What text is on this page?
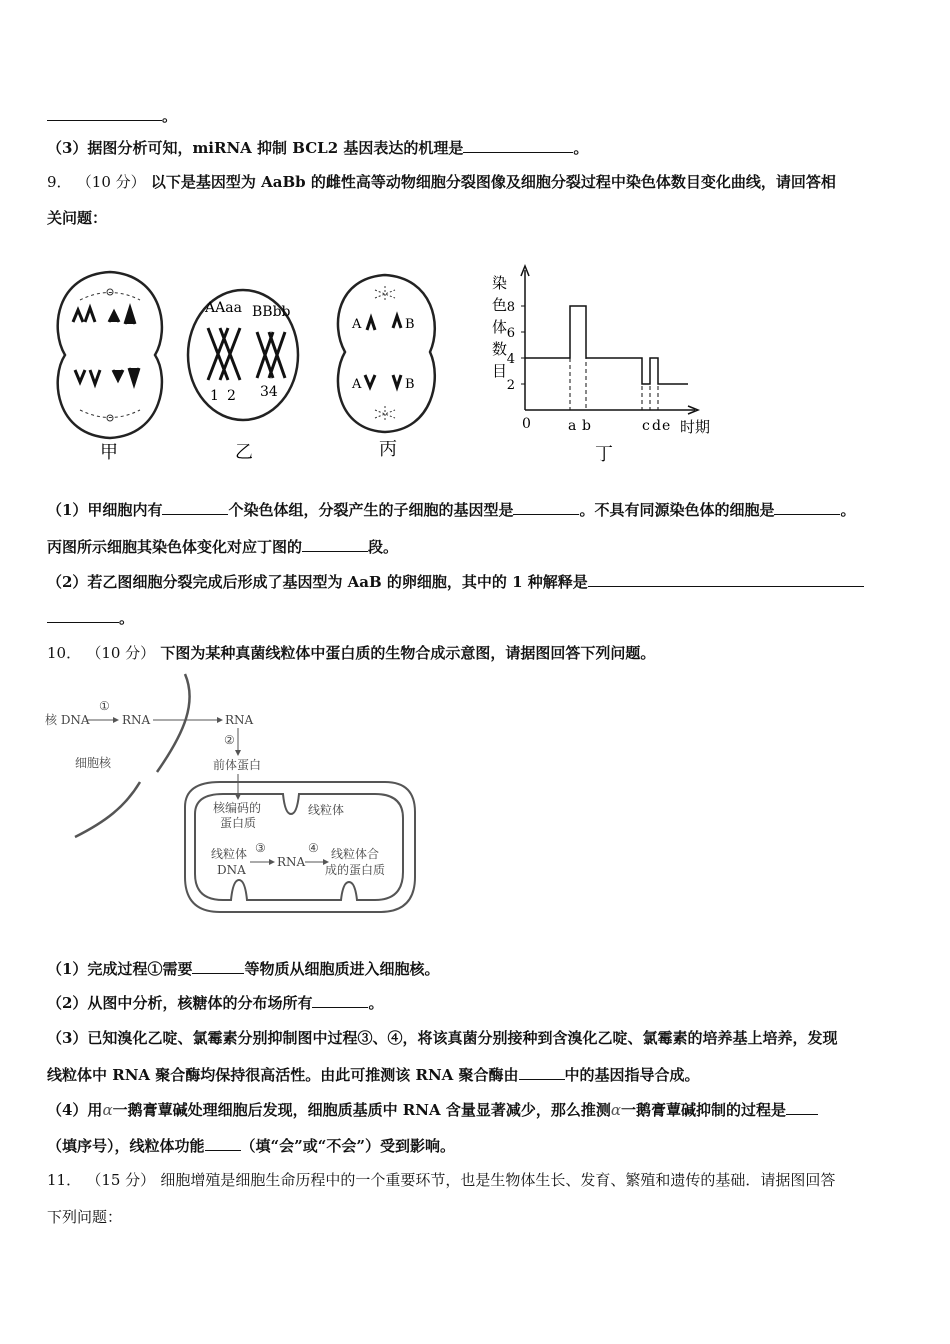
。
（3）据图分析可知，miRNA 抑制 BCL2 基因表达的机理是	。
9． （10 分） 以下是基因型为 AaBb 的雌性高等动物细胞分裂图像及细胞分裂过程中染色体数目变化曲线，请回答相
关问题：
甲
AAaa BBbb
1 2 34
乙
A	B
A	B
丙
染
色
体
数
目
2
4
6
8
0	a b	c d e 时期
丁
（1）甲细胞内有	个染色体组，分裂产生的子细胞的基因型是	。不具有同源染色体的细胞是	。
丙图所示细胞其染色体变化对应丁图的	段。
（2）若乙图细胞分裂完成后形成了基因型为 AaB 的卵细胞，其中的 1 种解释是
。
10． （10 分） 下图为某种真菌线粒体中蛋白质的生物合成示意图，请据图回答下列问题。
核 DNA
①
RNA	RNA
②
细胞核	前体蛋白
核编码的
蛋白质
线粒体
线粒体
DNA
③
RNA
④ 线粒体合
成的蛋白质
（1）完成过程①需要	等物质从细胞质进入细胞核。
（2）从图中分析，核糖体的分布场所有	。
（3）已知溴化乙啶、氯霉素分别抑制图中过程③、④，将该真菌分别接种到含溴化乙啶、氯霉素的培养基上培养，发现
线粒体中 RNA 聚合酶均保持很高活性。由此可推测该 RNA 聚合酶由	中的基因指导合成。
（4）用α一鹅膏蕈碱处理细胞后发现，细胞质基质中 RNA 含量显著减少，那么推测α一鹅膏蕈碱抑制的过程是
（填序号），线粒体功能 （填“会”或“不会”）受到影响。
11． （15 分） 细胞增殖是细胞生命历程中的一个重要环节，也是生物体生长、发育、繁殖和遗传的基础．请据图回答
下列问题：
